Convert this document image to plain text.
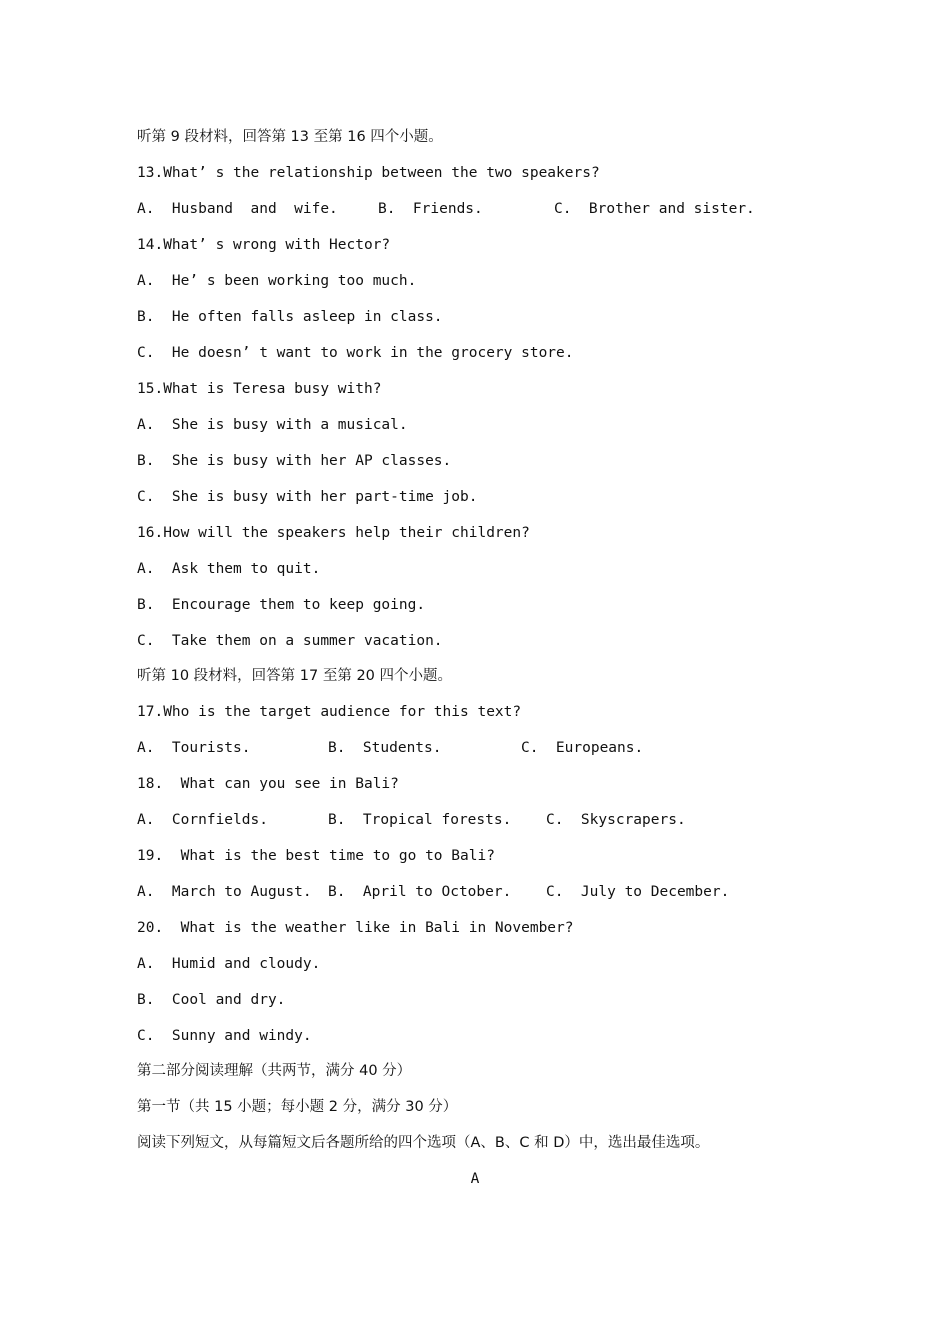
听第 9 段材料，回答第 13 至第 16 四个小题。
13.What’ s the relationship between the two speakers?

A.  Husband  and  wife.

	B.  Friends.

	C.  Brother and sister.

14.What’ s wrong with Hector?
A.  He’ s been working too much.
B.  He often falls asleep in class.
C.  He doesn’ t want to work in the grocery store.
15.What is Teresa busy with?
A.  She is busy with a musical.
B.  She is busy with her AP classes.
C.  She is busy with her part-time job.
16.How will the speakers help their children?
A.  Ask them to quit.
B.  Encourage them to keep going.
C.  Take them on a summer vacation.
听第 10 段材料，回答第 17 至第 20 四个小题。
17.Who is the target audience for this text?

A.  Tourists.

	B.  Students.

	C.  Europeans.

18.  What can you see in Bali?

A.  Cornfields.

	B.  Tropical forests.

C.  Skyscrapers.

19.  What is the best time to go to Bali?

A.  March to August.

B.  April to October.

C.  July to December.

20.  What is the weather like in Bali in November?
A.  Humid and cloudy.
B.  Cool and dry.
C.  Sunny and windy.
第二部分阅读理解（共两节，满分 40 分）
第一节（共 15 小题；每小题 2 分，满分 30 分）
阅读下列短文，从每篇短文后各题所给的四个选项（A、B、C 和 D）中，选出最佳选项。
A
